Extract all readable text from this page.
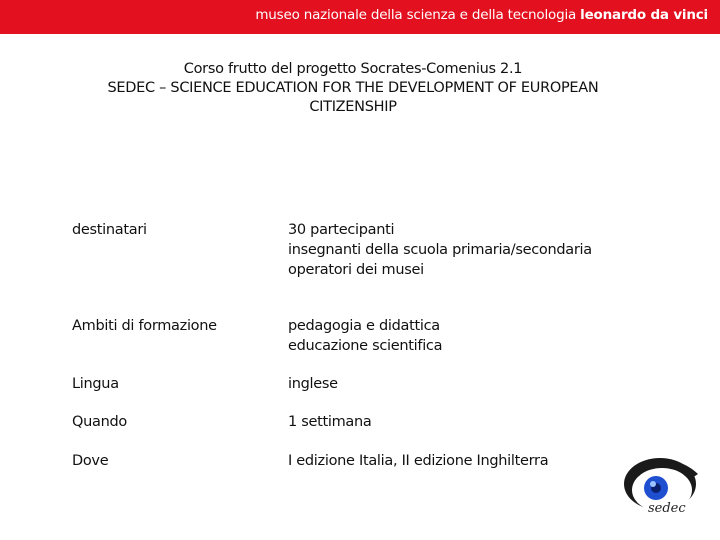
museo nazionale della scienza e della tecnologia leonardo da vinci
Corso frutto del progetto Socrates-Comenius 2.1
SEDEC – SCIENCE EDUCATION FOR THE DEVELOPMENT OF EUROPEAN
CITIZENSHIP
destinatari	30 partecipanti
insegnanti della scuola primaria/secondaria
operatori dei musei
Ambiti di formazione	pedagogia e didattica
educazione scientifica
Lingua	inglese
Quando	1 settimana
Dove	I edizione Italia, II edizione Inghilterra
sedec
